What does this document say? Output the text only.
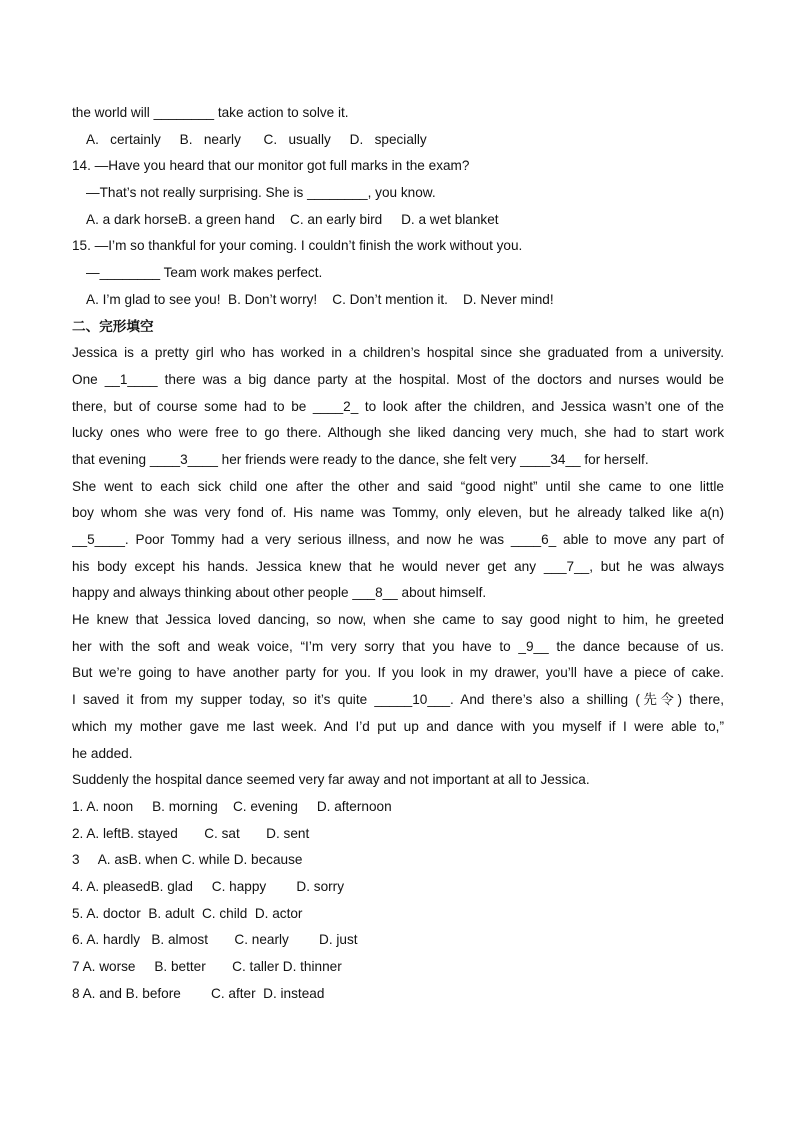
the world will ________ take action to solve it.
A.   certainly     B.   nearly      C.   usually     D.   specially
14. —Have you heard that our monitor got full marks in the exam?
—That’s not really surprising. She is ________, you know.
A. a dark horseB. a green hand    C. an early bird     D. a wet blanket
15. —I’m so thankful for your coming. I couldn’t finish the work without you.
—________ Team work makes perfect.
A. I’m glad to see you!  B. Don’t worry!    C. Don’t mention it.    D. Never mind!
二、完形填空
Jessica is a pretty girl who has worked in a children’s hospital since she graduated from a university.
One __1____ there was a big dance party at the hospital. Most of the doctors and nurses would be
there, but of course some had to be ____2_ to look after the children, and Jessica wasn’t one of the
lucky ones who were free to go there. Although she liked dancing very much, she had to start work
that evening ____3____ her friends were ready to the dance, she felt very ____34__ for herself.
She went to each sick child one after the other and said “good night” until she came to one little
boy whom she was very fond of. His name was Tommy, only eleven, but he already talked like a(n)
__5____. Poor Tommy had a very serious illness, and now he was ____6_ able to move any part of
his body except his hands. Jessica knew that he would never get any ___7__, but he was always
happy and always thinking about other people ___8__ about himself.
He knew that Jessica loved dancing, so now, when she came to say good night to him, he greeted
her with the soft and weak voice, “I’m very sorry that you have to _9__ the dance because of us.
But we’re going to have another party for you. If you look in my drawer, you’ll have a piece of cake.
I saved it from my supper today, so it’s quite _____10___. And there’s also a shilling (先令) there,
which my mother gave me last week. And I’d put up and dance with you myself if I were able to,”
he added.
Suddenly the hospital dance seemed very far away and not important at all to Jessica.
1. A. noon     B. morning    C. evening     D. afternoon
2. A. leftB. stayed       C. sat       D. sent
3     A. asB. when C. while D. because
4. A. pleasedB. glad     C. happy        D. sorry
5. A. doctor  B. adult  C. child  D. actor
6. A. hardly   B. almost       C. nearly        D. just
7 A. worse     B. better       C. taller D. thinner
8 A. and B. before        C. after  D. instead
